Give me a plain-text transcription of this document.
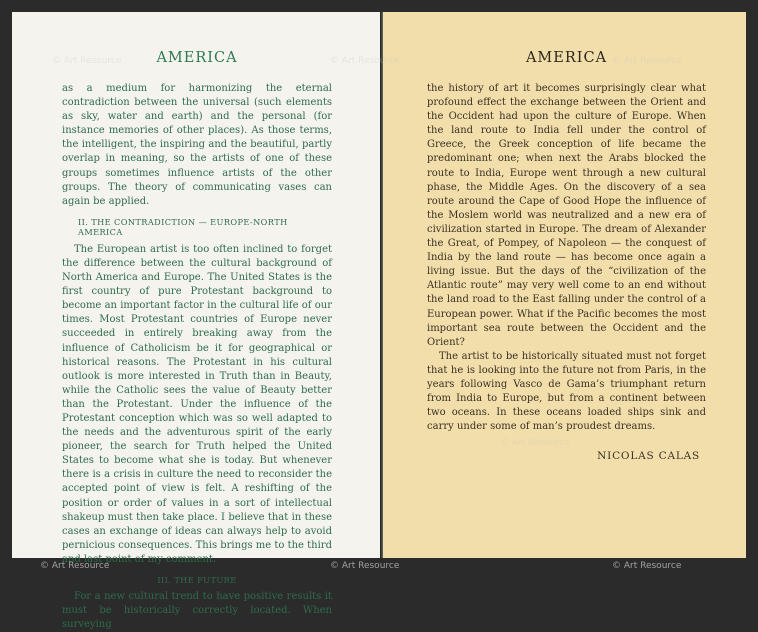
AMERICA

as a medium for harmonizing the eternal contradiction between the universal (such elements as sky, water and earth) and the personal (for instance memories of other places). As those terms, the intelligent, the inspiring and the beautiful, partly overlap in meaning, so the artists of one of these groups sometimes influence artists of the other groups. The theory of communicating vases can again be applied.

II. THE CONTRADICTION — EUROPE-NORTH AMERICA

The European artist is too often inclined to forget the difference between the cultural background of North America and Europe. The United States is the first country of pure Protestant background to become an important factor in the cultural life of our times. Most Protestant countries of Europe never succeeded in entirely breaking away from the influence of Catholicism be it for geographical or historical reasons. The Protestant in his cultural outlook is more interested in Truth than in Beauty, while the Catholic sees the value of Beauty better than the Protestant. Under the influence of the Protestant conception which was so well adapted to the needs and the adventurous spirit of the early pioneer, the search for Truth helped the United States to become what she is today. But whenever there is a crisis in culture the need to reconsider the accepted point of view is felt. A reshifting of the position or order of values in a sort of intellectual shakeup must then take place. I believe that in these cases an exchange of ideas can always help to avoid pernicious consequences. This brings me to the third and last point of my comment.

III. THE FUTURE

For a new cultural trend to have positive results it must be historically correctly located. When surveying

AMERICA

the history of art it becomes surprisingly clear what profound effect the exchange between the Orient and the Occident had upon the culture of Europe. When the land route to India fell under the control of Greece, the Greek conception of life became the predominant one; when next the Arabs blocked the route to India, Europe went through a new cultural phase, the Middle Ages. On the discovery of a sea route around the Cape of Good Hope the influence of the Moslem world was neutralized and a new era of civilization started in Europe. The dream of Alexander the Great, of Pompey, of Napoleon — the conquest of India by the land route — has become once again a living issue. But the days of the “civilization of the Atlantic route” may very well come to an end without the land road to the East falling under the control of a European power. What if the Pacific becomes the most important sea route between the Occident and the Orient?

The artist to be historically situated must not forget that he is looking into the future not from Paris, in the years following Vasco de Gama’s triumphant return from India to Europe, but from a continent between two oceans. In these oceans loaded ships sink and carry under some of man’s proudest dreams.

NICOLAS CALAS
© Art Resource	© Art Resource	© Art Resource
© Art Resource
© Art Resource	© Art Resource	© Art Resource
